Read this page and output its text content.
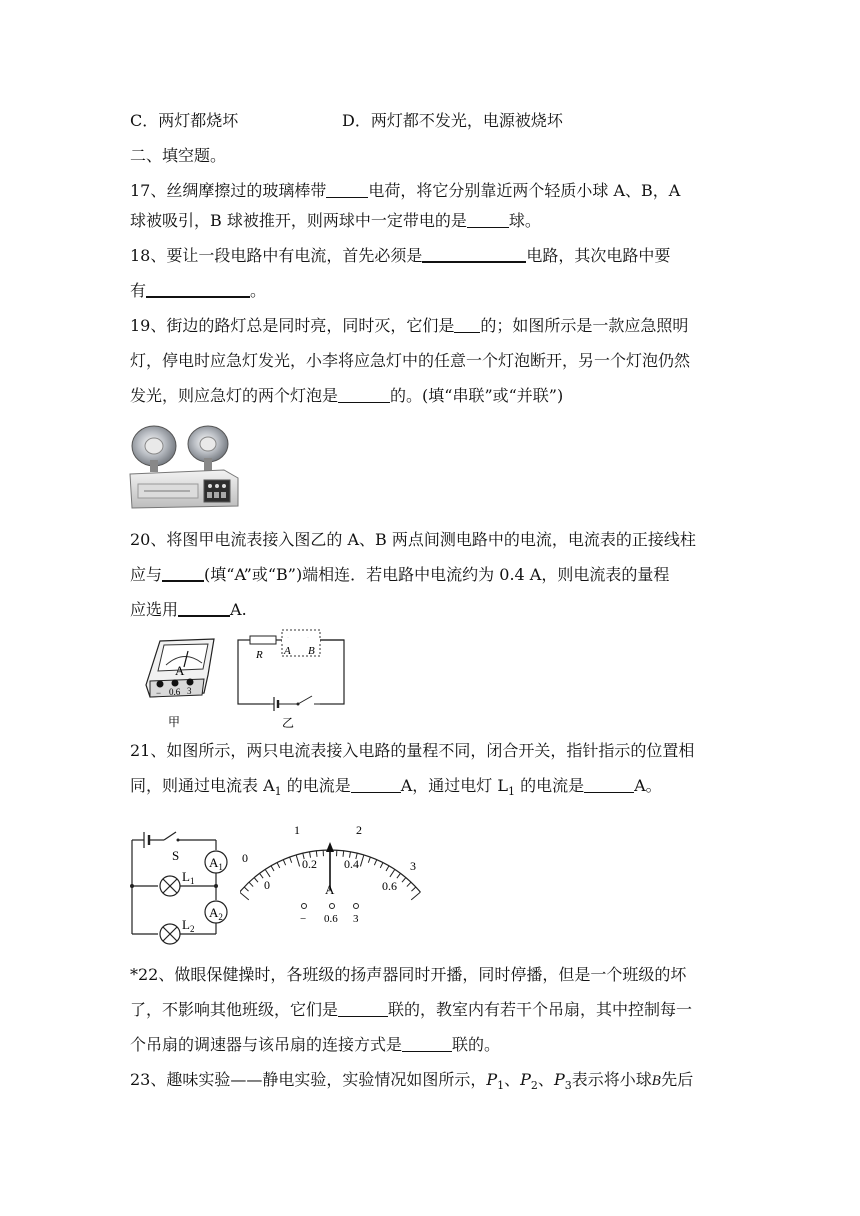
C．两灯都烧坏	D．两灯都不发光，电源被烧坏
二、填空题。
17、丝绸摩擦过的玻璃棒带	电荷，将它分别靠近两个轻质小球 A、B，A
球被吸引，B 球被推开，则两球中一定带电的是	球。
18、要让一段电路中有电流，首先必须是	电路，其次电路中要
有	。
19、街边的路灯总是同时亮，同时灭，它们是 的；如图所示是一款应急照明
灯，停电时应急灯发光，小李将应急灯中的任意一个灯泡断开，另一个灯泡仍然
发光，则应急灯的两个灯泡是	的。(填“串联”或“并联”)
20、将图甲电流表接入图乙的 A、B 两点间测电路中的电流，电流表的正接线柱
应与	(填“A”或“B”)端相连．若电路中电流约为 0.4 A，则电流表的量程
应选用	A.
A
− 0.6 3
甲
R A B
乙
21、如图所示，两只电流表接入电路的量程不同，闭合开关，指针指示的位置相
同，则通过电流表 $A_1$ 的电流是	A，通过电灯 $L_1$ 的电流是	A。
S $A_1$
$A_2$
$L_1$
$L_2$
0
1	2
3
0
0.2 0.4
0.6
A
− 0.6 3
*22、做眼保健操时，各班级的扬声器同时开播，同时停播，但是一个班级的坏
了，不影响其他班级，它们是	联的，教室内有若干个吊扇，其中控制每一
个吊扇的调速器与该吊扇的连接方式是	联的。
23、趣味实验——静电实验，实验情况如图所示，$P_1$、$P_2$、$P_3$表示将小球B先后
